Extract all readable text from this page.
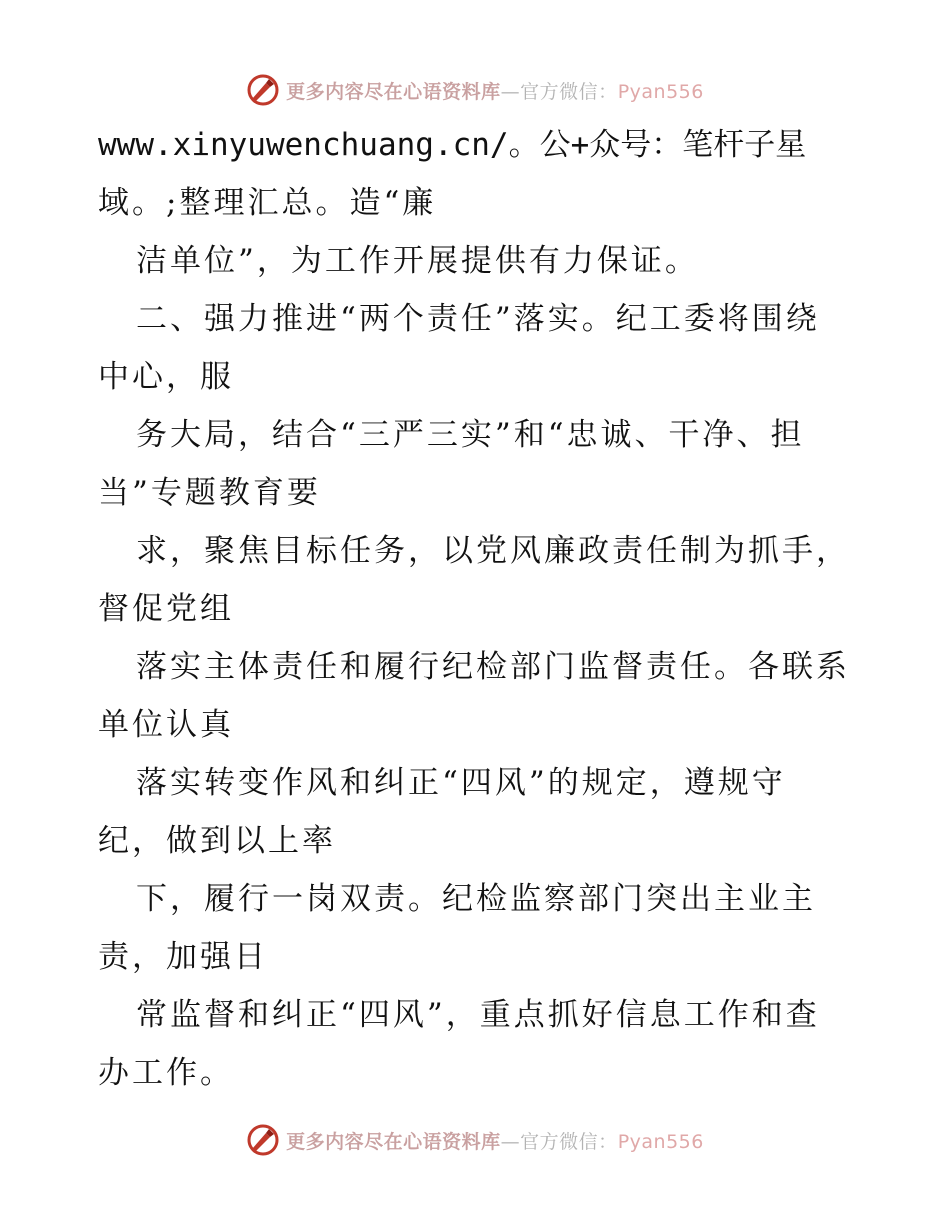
更多内容尽在心语资料库—官方微信：Pyan556
www.xinyuwenchuang.cn/。公+众号：笔杆子星
域。;整理汇总。造“廉
洁单位”，为工作开展提供有力保证。
二、强力推进“两个责任”落实。纪工委将围绕
中心，服
务大局，结合“三严三实”和“忠诚、干净、担
当”专题教育要
求，聚焦目标任务，以党风廉政责任制为抓手，
督促党组
落实主体责任和履行纪检部门监督责任。各联系
单位认真
落实转变作风和纠正“四风”的规定，遵规守
纪，做到以上率
下，履行一岗双责。纪检监察部门突出主业主
责，加强日
常监督和纠正“四风”，重点抓好信息工作和查
办工作。
更多内容尽在心语资料库—官方微信：Pyan556
